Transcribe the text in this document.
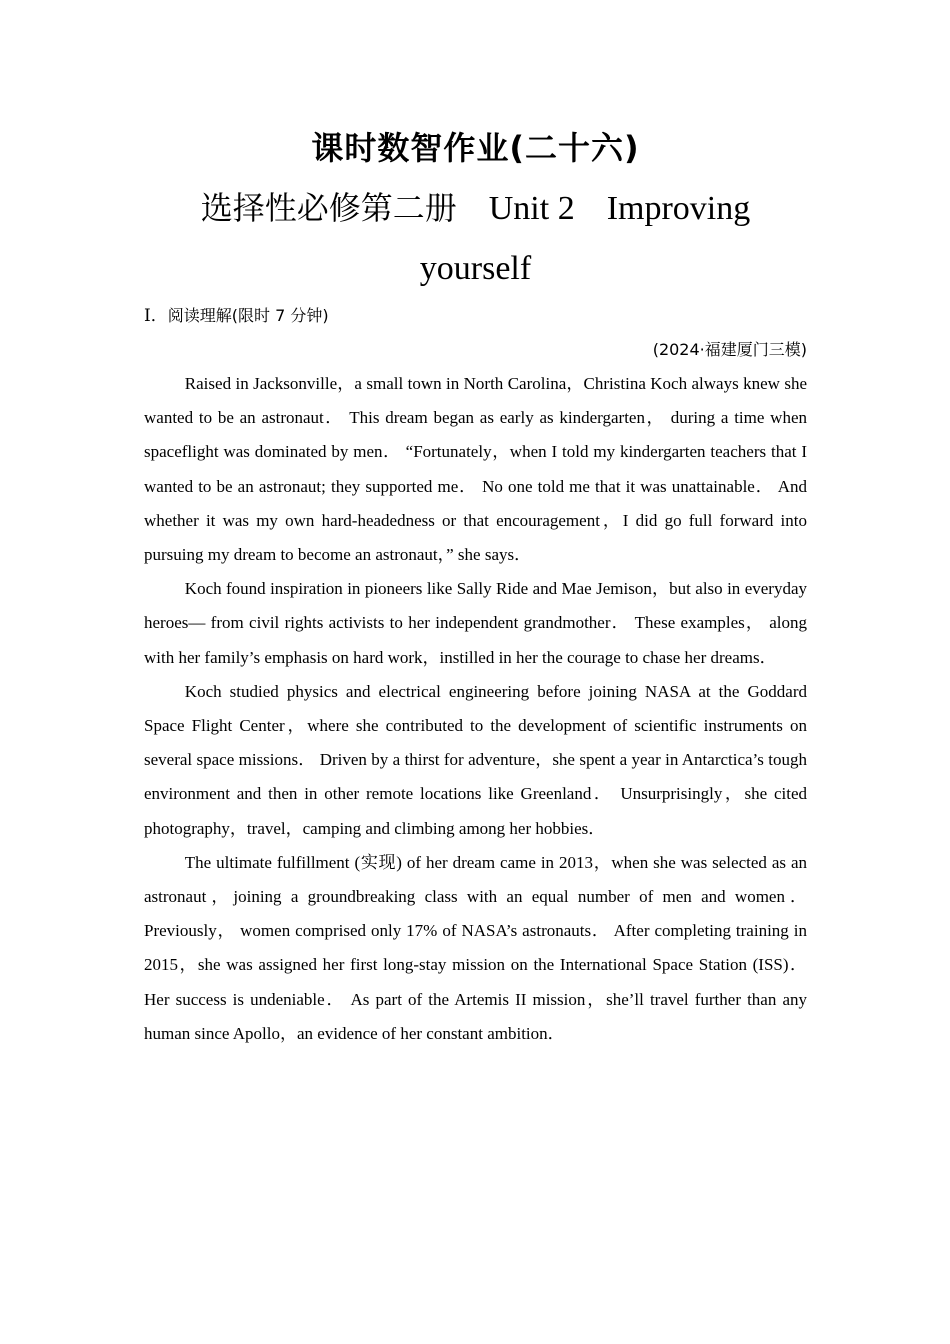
课时数智作业(二十六)
选择性必修第二册 Unit 2 Improving yourself
Ⅰ．阅读理解(限时 7 分钟)
(2024·福建厦门三模)

Raised in Jacksonville，a small town in North Carolina，Christina Koch always knew she wanted to be an astronaut． This dream began as early as kindergarten， during a time when spaceflight was dominated by men． “Fortunately，when I told my kindergarten teachers that I wanted to be an astronaut; they supported me． No one told me that it was unattainable． And whether it was my own hard-headedness or that encouragement，I did go full forward into pursuing my dream to become an astronaut，” she says．

Koch found inspiration in pioneers like Sally Ride and Mae Jemison，but also in everyday heroes— from civil rights activists to her independent grandmother． These examples， along with her family’s emphasis on hard work，instilled in her the courage to chase her dreams．

Koch studied physics and electrical engineering before joining NASA at the Goddard Space Flight Center，where she contributed to the development of scientific instruments on several space missions． Driven by a thirst for adventure，she spent a year in Antarctica’s tough environment and then in other remote locations like Greenland． Unsurprisingly，she cited photography，travel，camping and climbing among her hobbies．

The ultimate fulfillment (实现) of her dream came in 2013，when she was selected as an astronaut，joining a groundbreaking class with an equal number of men and women． Previously， women comprised only 17% of NASA’s astronauts． After completing training in 2015，she was assigned her first long-stay mission on the International Space Station (ISS)． Her success is undeniable． As part of the Artemis II mission，she’ll travel further than any human since Apollo，an evidence of her constant ambition．
